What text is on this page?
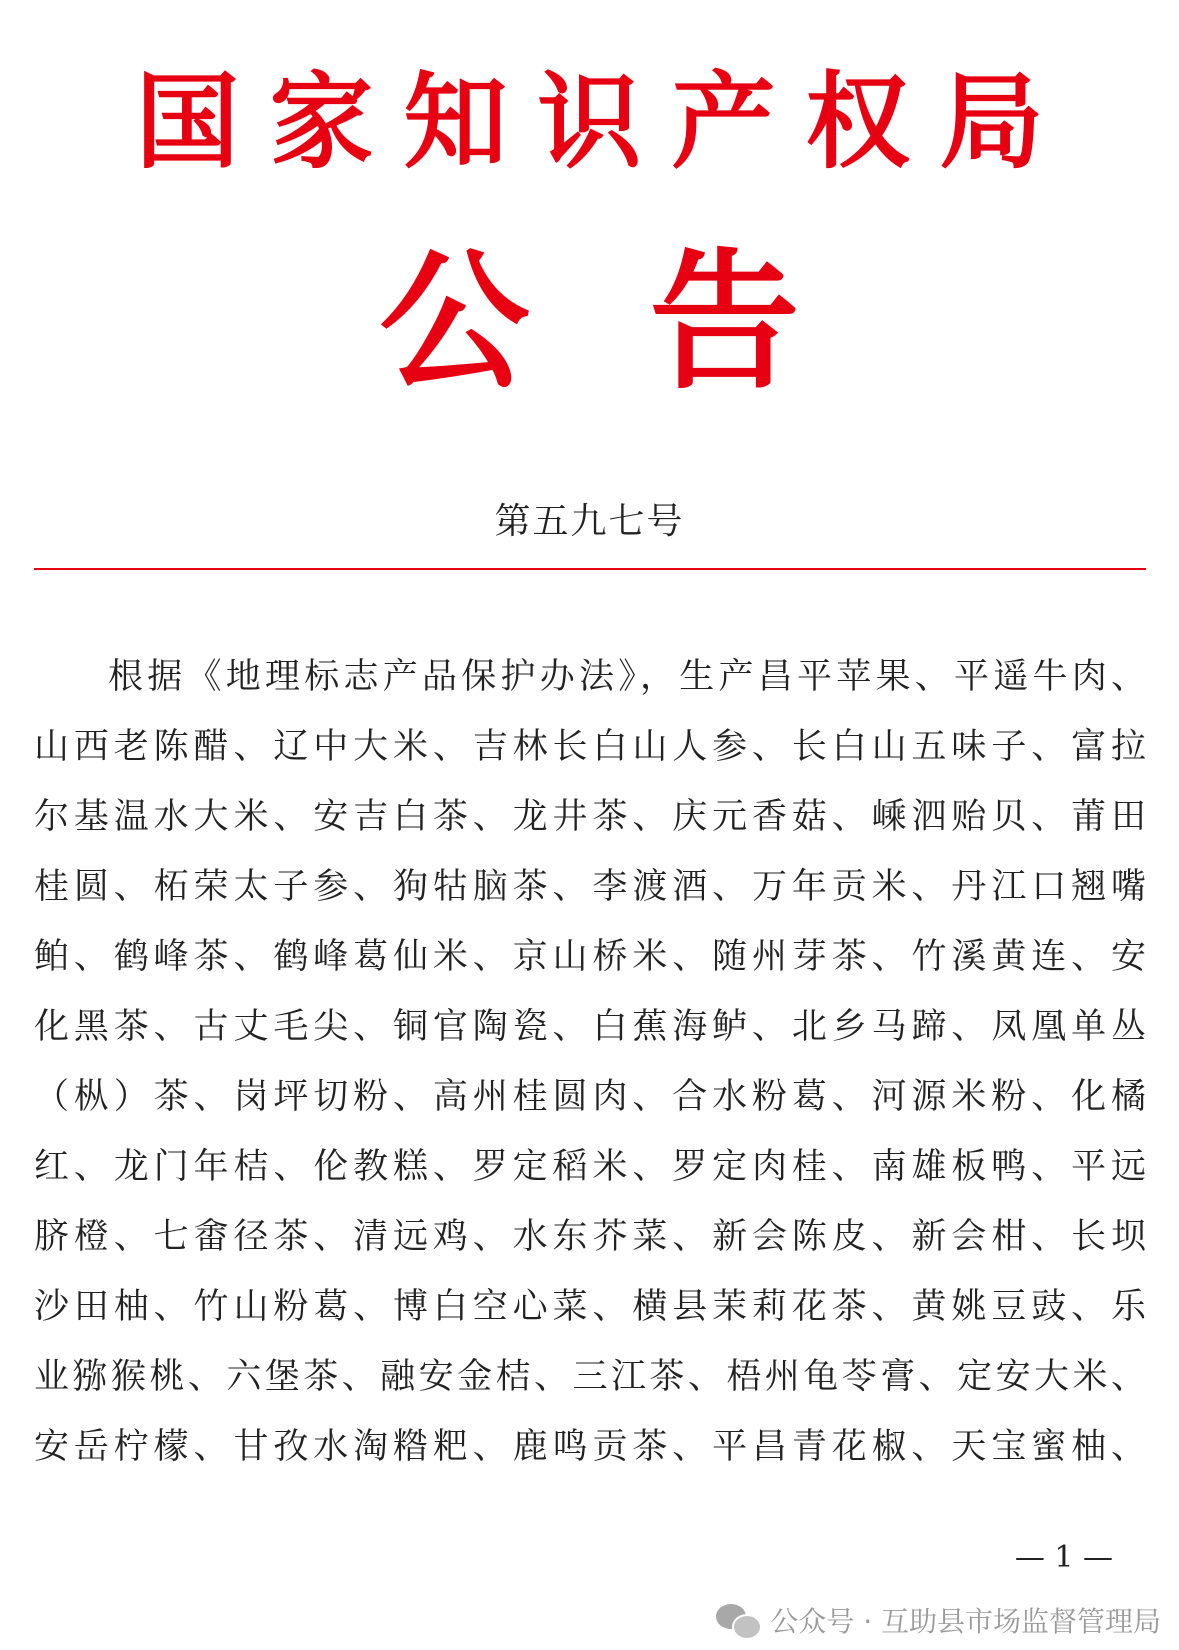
国家知识产权局
公 告
第五九七号
根据《地理标志产品保护办法》，生产昌平苹果、平遥牛肉、
山西老陈醋、辽中大米、吉林长白山人参、长白山五味子、富拉
尔基温水大米、安吉白茶、龙井茶、庆元香菇、嵊泗贻贝、莆田
桂圆、柘荣太子参、狗牯脑茶、李渡酒、万年贡米、丹江口翘嘴
鲌、鹤峰茶、鹤峰葛仙米、京山桥米、随州芽茶、竹溪黄连、安
化黑茶、古丈毛尖、铜官陶瓷、白蕉海鲈、北乡马蹄、凤凰单丛
（枞）茶、岗坪切粉、高州桂圆肉、合水粉葛、河源米粉、化橘
红、龙门年桔、伦教糕、罗定稻米、罗定肉桂、南雄板鸭、平远
脐橙、七畬径茶、清远鸡、水东芥菜、新会陈皮、新会柑、长坝
沙田柚、竹山粉葛、博白空心菜、横县茉莉花茶、黄姚豆豉、乐
业猕猴桃、六堡茶、融安金桔、三江茶、梧州龟苓膏、定安大米、
安岳柠檬、甘孜水淘糌粑、鹿鸣贡茶、平昌青花椒、天宝蜜柚、
— 1 —
公众号 · 互助县市场监督管理局
